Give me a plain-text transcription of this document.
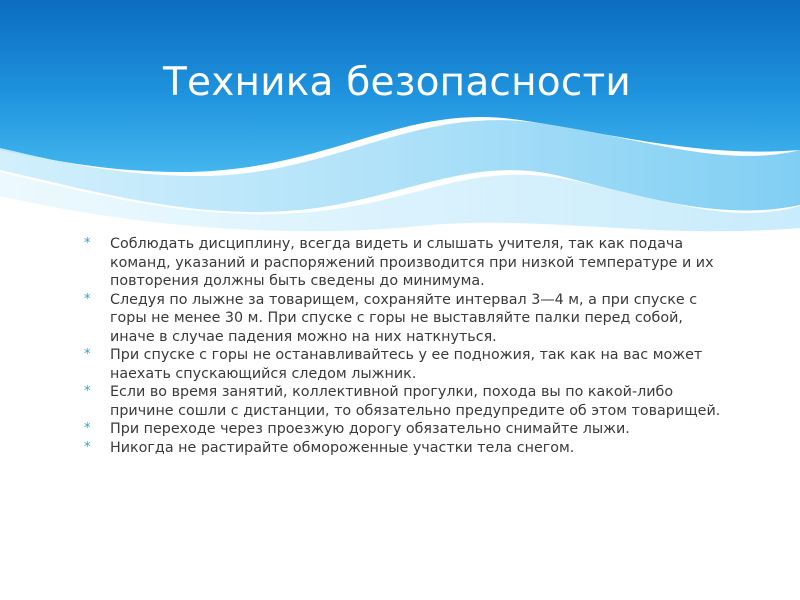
Техника безопасности
* Соблюдать дисциплину, всегда видеть и слышать учителя, так как подача команд, указаний и распоряжений производится при низкой температуре и их повторения должны быть сведены до минимума.
* Следуя по лыжне за товарищем, сохраняйте интервал 3—4 м, а при спуске с горы не менее 30 м. При спуске с горы не выставляйте палки перед собой, иначе в случае падения можно на них наткнуться.
* При спуске с горы не останавливайтесь у ее подножия, так как на вас может наехать спускающийся следом лыжник.
* Если во время занятий, коллективной прогулки, похода вы по какой-либо причине сошли с дистанции, то обязательно предупредите об этом товарищей.
* При переходе через проезжую дорогу обязательно снимайте лыжи.
* Никогда не растирайте обмороженные участки тела снегом.
